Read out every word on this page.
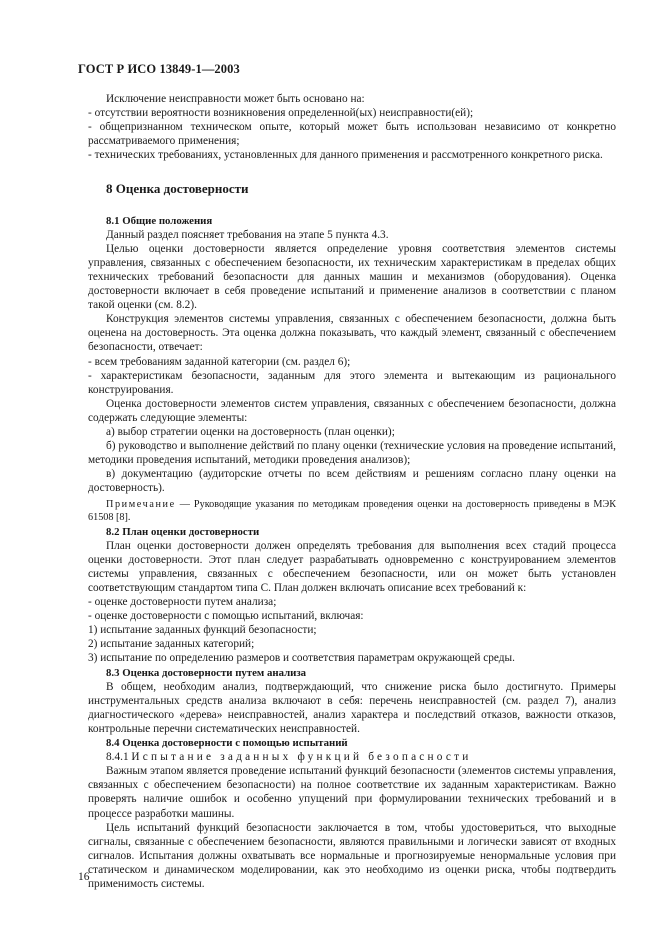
ГОСТ Р ИСО 13849-1—2003

Исключение неисправности может быть основано на:

- отсутствии вероятности возникновения определенной(ых) неисправности(ей);

- общепризнанном техническом опыте, который может быть использован независимо от конкретно рассматриваемого применения;

- технических требованиях, установленных для данного применения и рассмотренного конкретного риска.

8 Оценка достоверности

8.1 Общие положения

Данный раздел поясняет требования на этапе 5 пункта 4.3.

Целью оценки достоверности является определение уровня соответствия элементов системы управления, связанных с обеспечением безопасности, их техническим характеристикам в пределах общих технических требований безопасности для данных машин и механизмов (оборудования). Оценка достоверности включает в себя проведение испытаний и применение анализов в соответствии с планом такой оценки (см. 8.2).

Конструкция элементов системы управления, связанных с обеспечением безопасности, должна быть оценена на достоверность. Эта оценка должна показывать, что каждый элемент, связанный с обеспечением безопасности, отвечает:

- всем требованиям заданной категории (см. раздел 6);

- характеристикам безопасности, заданным для этого элемента и вытекающим из рационального конструирования.

Оценка достоверности элементов систем управления, связанных с обеспечением безопасности, должна содержать следующие элементы:

а) выбор стратегии оценки на достоверность (план оценки);

б) руководство и выполнение действий по плану оценки (технические условия на проведение испытаний, методики проведения испытаний, методики проведения анализов);

в) документацию (аудиторские отчеты по всем действиям и решениям согласно плану оценки на достоверность).

Примечание — Руководящие указания по методикам проведения оценки на достоверность приведены в МЭК 61508 [8].

8.2 План оценки достоверности

План оценки достоверности должен определять требования для выполнения всех стадий процесса оценки достоверности. Этот план следует разрабатывать одновременно с конструированием элементов системы управления, связанных с обеспечением безопасности, или он может быть установлен соответствующим стандартом типа С. План должен включать описание всех требований к:

- оценке достоверности путем анализа;

- оценке достоверности с помощью испытаний, включая:

1) испытание заданных функций безопасности;

2) испытание заданных категорий;

3) испытание по определению размеров и соответствия параметрам окружающей среды.

8.3 Оценка достоверности путем анализа

В общем, необходим анализ, подтверждающий, что снижение риска было достигнуто. Примеры инструментальных средств анализа включают в себя: перечень неисправностей (см. раздел 7), анализ диагностического «дерева» неисправностей, анализ характера и последствий отказов, важности отказов, контрольные перечни систематических неисправностей.

8.4 Оценка достоверности с помощью испытаний

8.4.1 Испытание заданных функций безопасности

Важным этапом является проведение испытаний функций безопасности (элементов системы управления, связанных с обеспечением безопасности) на полное соответствие их заданным характеристикам. Важно проверять наличие ошибок и особенно упущений при формулировании технических требований и в процессе разработки машины.

Цель испытаний функций безопасности заключается в том, чтобы удостовериться, что выходные сигналы, связанные с обеспечением безопасности, являются правильными и логически зависят от входных сигналов. Испытания должны охватывать все нормальные и прогнозируемые ненормальные условия при статическом и динамическом моделировании, как это необходимо из оценки риска, чтобы подтвердить применимость системы.

16
